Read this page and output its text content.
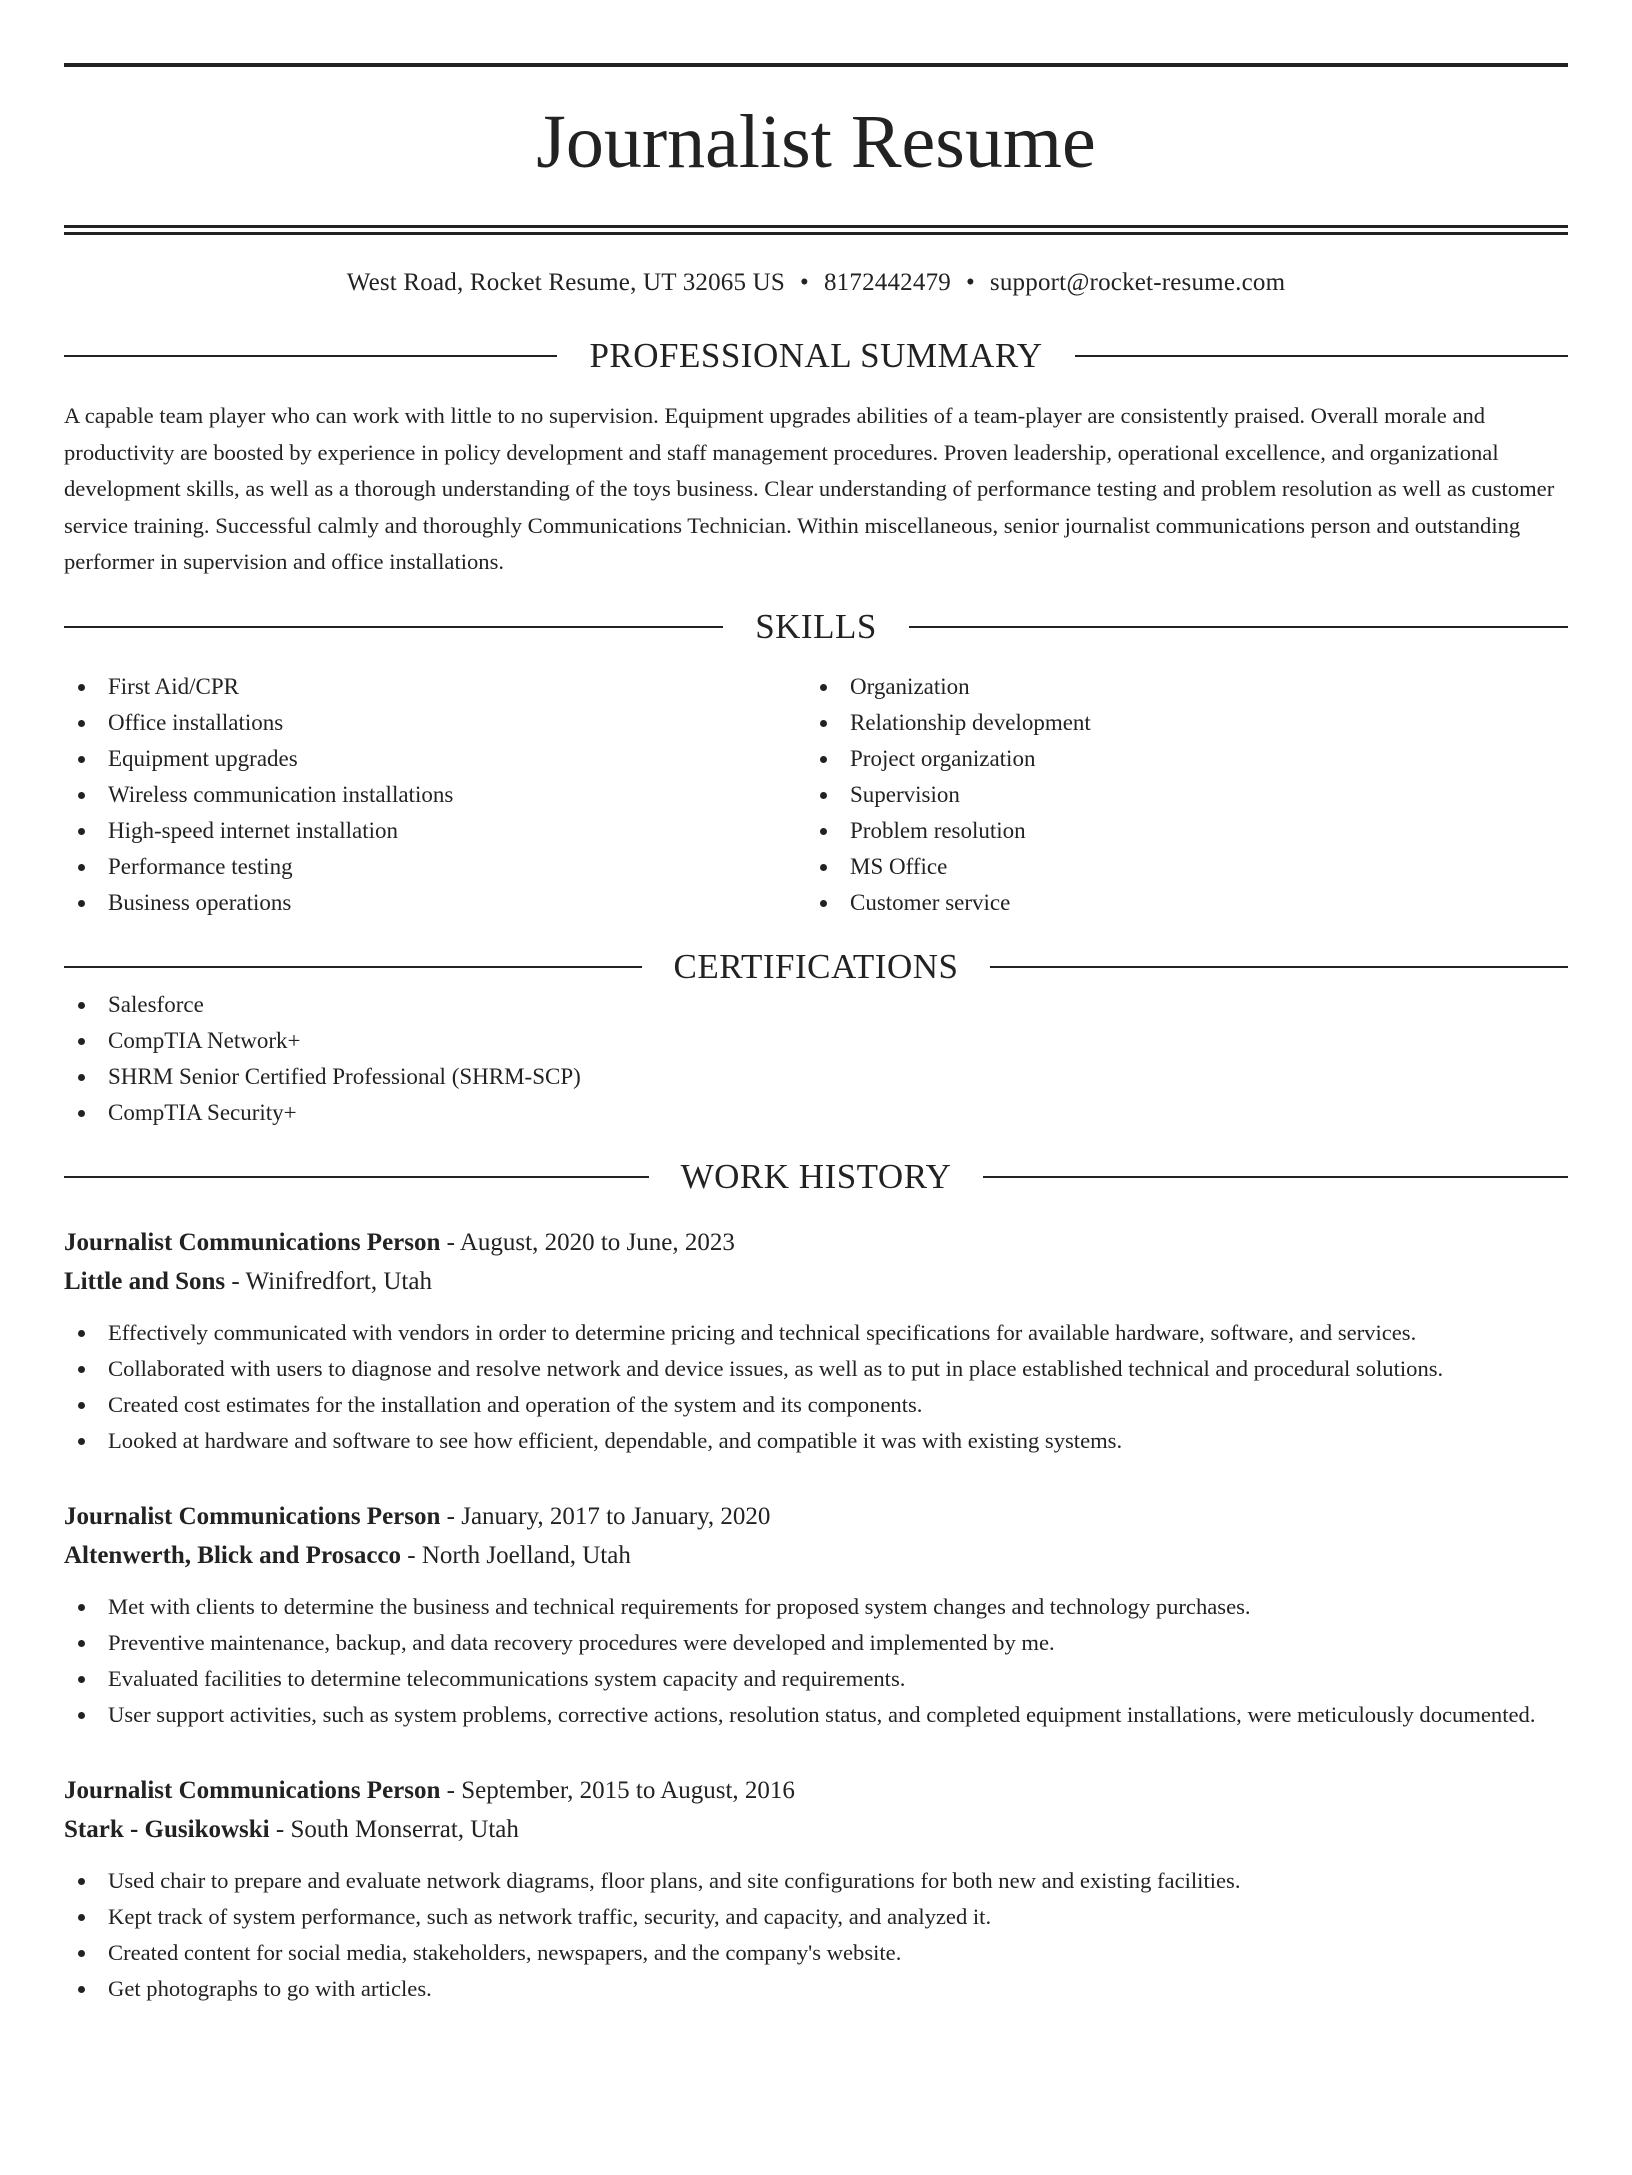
Journalist Resume
West Road, Rocket Resume, UT 32065 US • 8172442479 • support@rocket-resume.com
PROFESSIONAL SUMMARY

A capable team player who can work with little to no supervision. Equipment upgrades abilities of a team-player are consistently praised. Overall morale and productivity are boosted by experience in policy development and staff management procedures. Proven leadership, operational excellence, and organizational development skills, as well as a thorough understanding of the toys business. Clear understanding of performance testing and problem resolution as well as customer service training. Successful calmly and thoroughly Communications Technician. Within miscellaneous, senior journalist communications person and outstanding performer in supervision and office installations.

SKILLS
First Aid/CPR
Office installations
Equipment upgrades
Wireless communication installations
High-speed internet installation
Performance testing
Business operations
Organization
Relationship development
Project organization
Supervision
Problem resolution
MS Office
Customer service
CERTIFICATIONS
Salesforce
CompTIA Network+
SHRM Senior Certified Professional (SHRM-SCP)
CompTIA Security+
WORK HISTORY
Journalist Communications Person - August, 2020 to June, 2023
Little and Sons - Winifredfort, Utah
Effectively communicated with vendors in order to determine pricing and technical specifications for available hardware, software, and services.
Collaborated with users to diagnose and resolve network and device issues, as well as to put in place established technical and procedural solutions.
Created cost estimates for the installation and operation of the system and its components.
Looked at hardware and software to see how efficient, dependable, and compatible it was with existing systems.
Journalist Communications Person - January, 2017 to January, 2020
Altenwerth, Blick and Prosacco - North Joelland, Utah
Met with clients to determine the business and technical requirements for proposed system changes and technology purchases.
Preventive maintenance, backup, and data recovery procedures were developed and implemented by me.
Evaluated facilities to determine telecommunications system capacity and requirements.
User support activities, such as system problems, corrective actions, resolution status, and completed equipment installations, were meticulously documented.
Journalist Communications Person - September, 2015 to August, 2016
Stark - Gusikowski - South Monserrat, Utah
Used chair to prepare and evaluate network diagrams, floor plans, and site configurations for both new and existing facilities.
Kept track of system performance, such as network traffic, security, and capacity, and analyzed it.
Created content for social media, stakeholders, newspapers, and the company's website.
Get photographs to go with articles.
